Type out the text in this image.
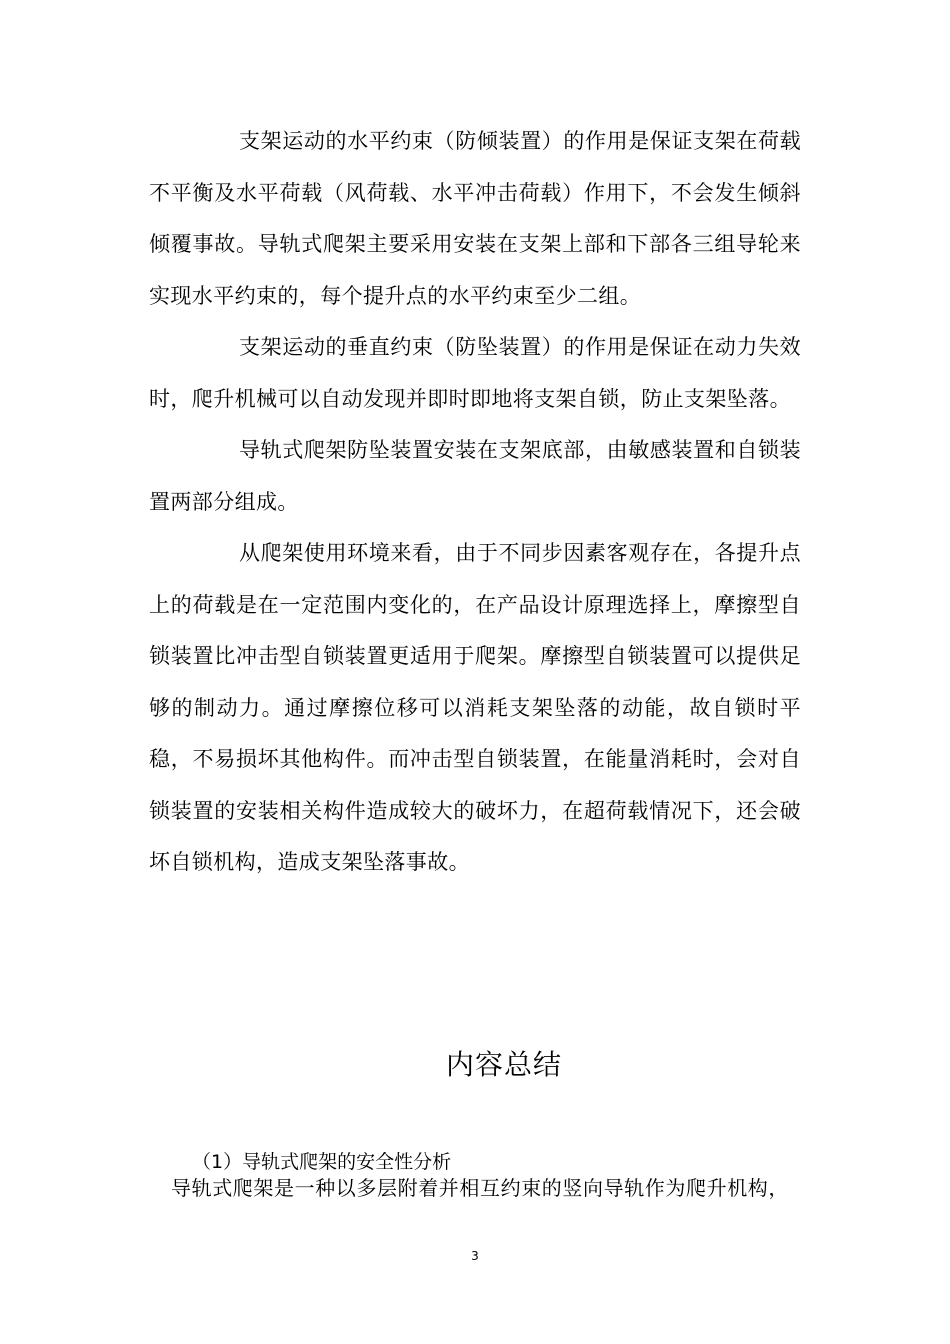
支架运动的水平约束（防倾装置）的作用是保证支架在荷载不平衡及水平荷载（风荷载、水平冲击荷载）作用下，不会发生倾斜倾覆事故。导轨式爬架主要采用安装在支架上部和下部各三组导轮来实现水平约束的，每个提升点的水平约束至少二组。

支架运动的垂直约束（防坠装置）的作用是保证在动力失效时，爬升机械可以自动发现并即时即地将支架自锁，防止支架坠落。

导轨式爬架防坠装置安装在支架底部，由敏感装置和自锁装置两部分组成。

从爬架使用环境来看，由于不同步因素客观存在，各提升点上的荷载是在一定范围内变化的，在产品设计原理选择上，摩擦型自锁装置比冲击型自锁装置更适用于爬架。摩擦型自锁装置可以提供足够的制动力。通过摩擦位移可以消耗支架坠落的动能，故自锁时平稳，不易损坏其他构件。而冲击型自锁装置，在能量消耗时，会对自锁装置的安装相关构件造成较大的破坏力，在超荷载情况下，还会破坏自锁机构，造成支架坠落事故。

内容总结
（1）导轨式爬架的安全性分析
导轨式爬架是一种以多层附着并相互约束的竖向导轨作为爬升机构，
3
